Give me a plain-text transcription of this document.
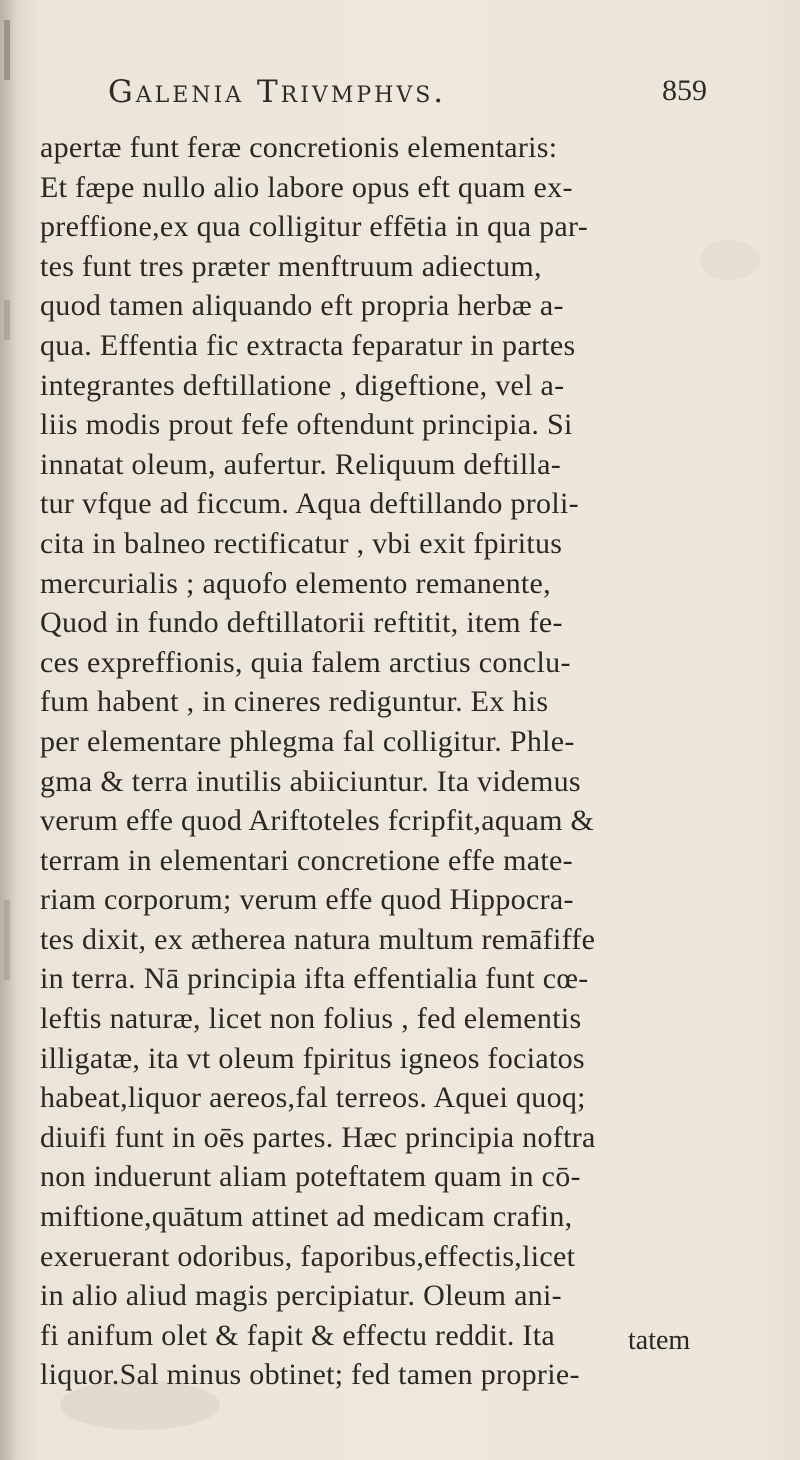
Galenia Trivmphvs.	859
apertæ funt feræ concretionis elementaris:
Et fæpe nullo alio labore opus eft quam ex-
preffione,ex qua colligitur effētia in qua par-
tes funt tres præter menftruum adiectum,
quod tamen aliquando eft propria herbæ a-
qua. Effentia fic extracta feparatur in partes
integrantes deftillatione , digeftione, vel a-
liis modis prout fefe oftendunt principia. Si
innatat oleum, aufertur. Reliquum deftilla-
tur vfque ad ficcum. Aqua deftillando proli-
cita in balneo rectificatur , vbi exit fpiritus
mercurialis ; aquofo elemento remanente,
Quod in fundo deftillatorii reftitit, item fe-
ces expreffionis, quia falem arctius conclu-
fum habent , in cineres rediguntur. Ex his
per elementare phlegma fal colligitur. Phle-
gma & terra inutilis abiiciuntur. Ita videmus
verum effe quod Ariftoteles fcripfit,aquam &
terram in elementari concretione effe mate-
riam corporum; verum effe quod Hippocra-
tes dixit, ex ætherea natura multum remāfiffe
in terra. Nā principia ifta effentialia funt cœ-
leftis naturæ, licet non folius , fed elementis
illigatæ, ita vt oleum fpiritus igneos fociatos
habeat,liquor aereos,fal terreos. Aquei quoq;
diuifi funt in oēs partes. Hæc principia noftra
non induerunt aliam poteftatem quam in cō-
miftione,quātum attinet ad medicam crafin,
exeruerant odoribus, faporibus,effectis,licet
in alio aliud magis percipiatur. Oleum ani-
fi anifum olet & fapit & effectu reddit. Ita
liquor.Sal minus obtinet; fed tamen proprie-
tatem
